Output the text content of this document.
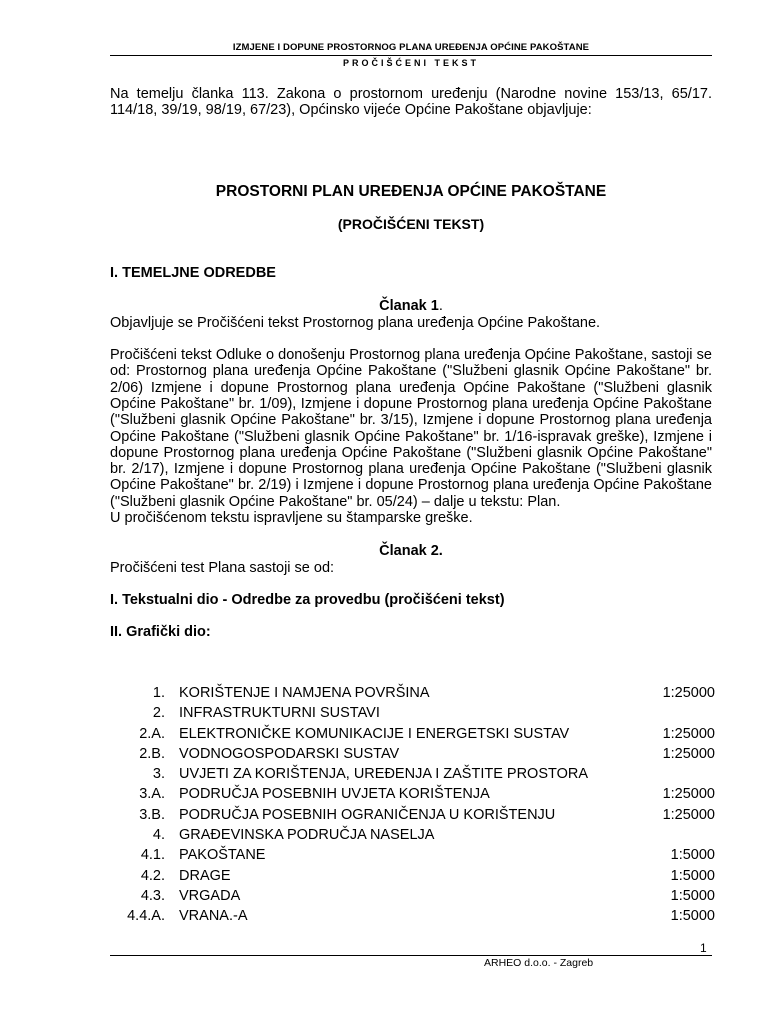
IZMJENE I DOPUNE PROSTORNOG PLANA UREĐENJA OPĆINE PAKOŠTANE
PROČIŠĆENI TEKST

Na temelju članka 113. Zakona o prostornom uređenju (Narodne novine 153/13, 65/17. 114/18, 39/19, 98/19, 67/23), Općinsko vijeće Općine Pakoštane objavljuje:

PROSTORNI PLAN UREĐENJA OPĆINE PAKOŠTANE

(PROČIŠĆENI TEKST)

I. TEMELJNE ODREDBE

Članak 1.

Objavljuje se Pročišćeni tekst Prostornog plana uređenja Općine Pakoštane.

Pročišćeni tekst Odluke o donošenju Prostornog plana uređenja Općine Pakoštane, sastoji se od: Prostornog plana uređenja Općine Pakoštane ("Službeni glasnik Općine Pakoštane" br. 2/06) Izmjene i dopune Prostornog plana uređenja Općine Pakoštane ("Službeni glasnik Općine Pakoštane" br. 1/09), Izmjene i dopune Prostornog plana uređenja Općine Pakoštane ("Službeni glasnik Općine Pakoštane" br. 3/15), Izmjene i dopune Prostornog plana uređenja Općine Pakoštane ("Službeni glasnik Općine Pakoštane" br. 1/16-ispravak greške), Izmjene i dopune Prostornog plana uređenja Općine Pakoštane ("Službeni glasnik Općine Pakoštane" br. 2/17), Izmjene i dopune Prostornog plana uređenja Općine Pakoštane ("Službeni glasnik Općine Pakoštane" br. 2/19) i Izmjene i dopune Prostornog plana uređenja Općine Pakoštane ("Službeni glasnik Općine Pakoštane" br. 05/24) – dalje u tekstu: Plan.

U pročišćenom tekstu ispravljene su štamparske greške.

Članak 2.

Pročišćeni test Plana sastoji se od:

I. Tekstualni dio - Odredbe za provedbu (pročišćeni tekst)

II. Grafički dio:

1. KORIŠTENJE I NAMJENA POVRŠINA	1:25000
2. INFRASTRUKTURNI SUSTAVI
2.A. ELEKTRONIČKE KOMUNIKACIJE I ENERGETSKI SUSTAV	1:25000
2.B. VODNOGOSPODARSKI SUSTAV	1:25000
3. UVJETI ZA KORIŠTENJA, UREĐENJA I ZAŠTITE PROSTORA
3.A. PODRUČJA POSEBNIH UVJETA KORIŠTENJA	1:25000
3.B. PODRUČJA POSEBNIH OGRANIČENJA U KORIŠTENJU	1:25000
4. GRAĐEVINSKA PODRUČJA NASELJA
4.1. PAKOŠTANE	1:5000
4.2. DRAGE	1:5000
4.3. VRGADA	1:5000
4.4.A. VRANA.-A	1:5000
1
ARHEO d.o.o. - Zagreb
